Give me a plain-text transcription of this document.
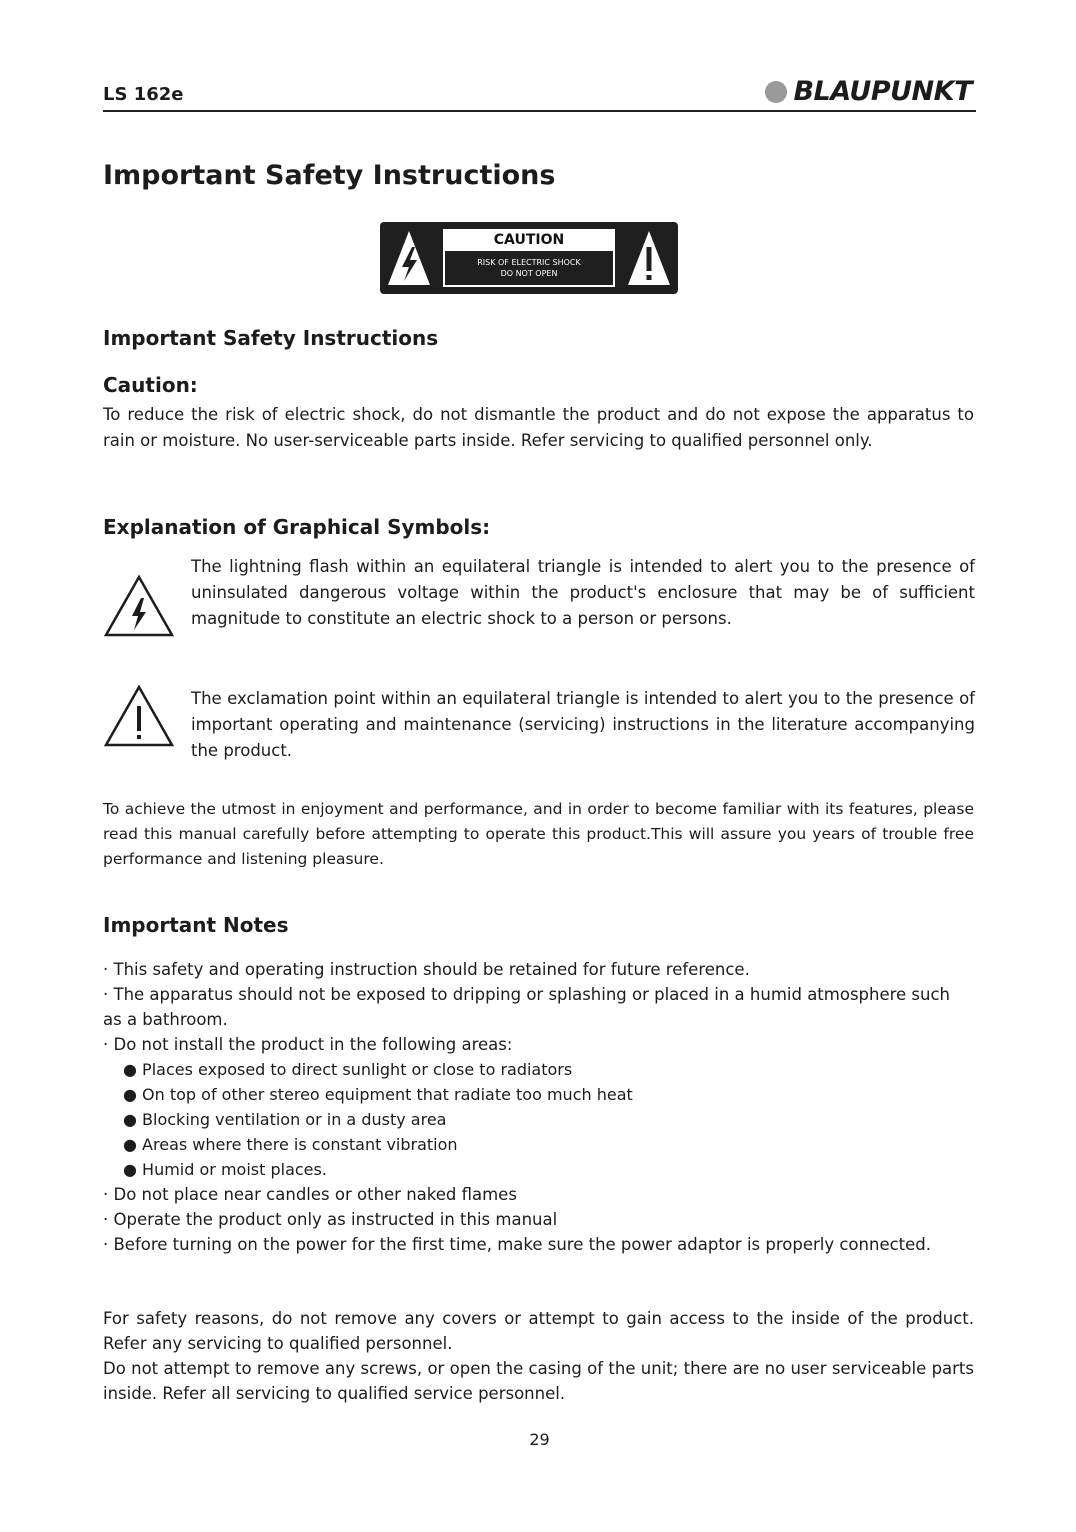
LS 162e	BLAUPUNKT
Important Safety Instructions
CAUTION
RISK OF ELECTRIC SHOCK
DO NOT OPEN
Important Safety Instructions
Caution:

To reduce the risk of electric shock, do not dismantle the product and do not expose the apparatus to rain or moisture. No user-serviceable parts inside. Refer servicing to qualified personnel only.

Explanation of Graphical Symbols:

The lightning flash within an equilateral triangle is intended to alert you to the presence of uninsulated dangerous voltage within the product's enclosure that may be of sufficient magnitude to constitute an electric shock to a person or persons.

The exclamation point within an equilateral triangle is intended to alert you to the presence of important operating and maintenance (servicing) instructions in the literature accompanying the product.

To achieve the utmost in enjoyment and performance, and in order to become familiar with its features, please read this manual carefully before attempting to operate this product.This will assure you years of trouble free performance and listening pleasure.

Important Notes

· This safety and operating instruction should be retained for future reference.

· The apparatus should not be exposed to dripping or splashing or placed in a humid atmosphere such as a bathroom.

· Do not install the product in the following areas:

● Places exposed to direct sunlight or close to radiators

● On top of other stereo equipment that radiate too much heat

● Blocking ventilation or in a dusty area

● Areas where there is constant vibration

● Humid or moist places.

· Do not place near candles or other naked flames

· Operate the product only as instructed in this manual

· Before turning on the power for the first time, make sure the power adaptor is properly connected.

For safety reasons, do not remove any covers or attempt to gain access to the inside of the product. Refer any servicing to qualified personnel.

Do not attempt to remove any screws, or open the casing of the unit; there are no user serviceable parts inside. Refer all servicing to qualified service personnel.

29
